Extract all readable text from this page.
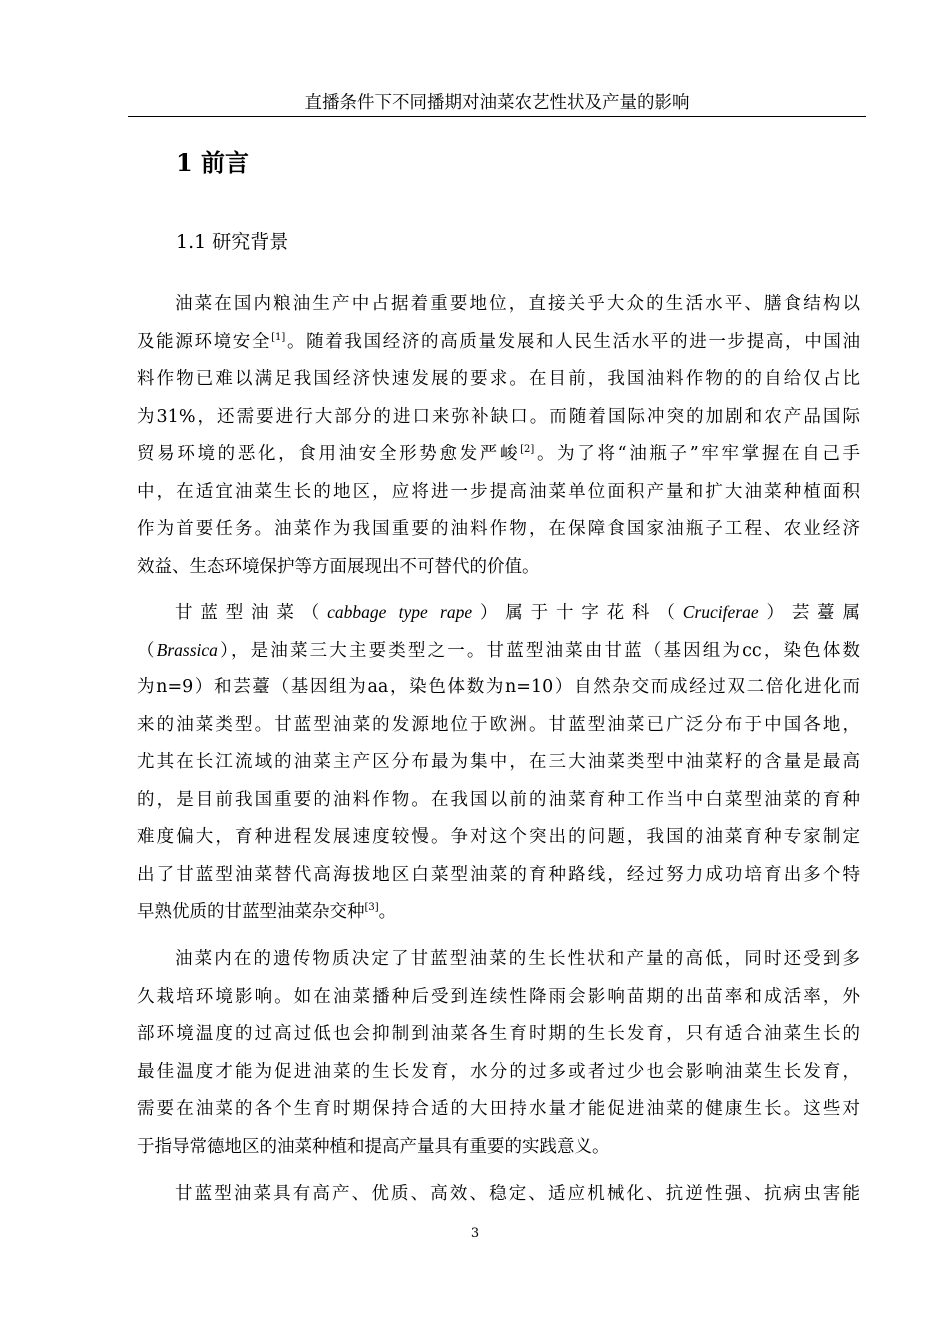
直播条件下不同播期对油菜农艺性状及产量的影响
1 前言
1.1 研究背景
油菜在国内粮油生产中占据着重要地位，直接关乎大众的生活水平、膳食结构以
及能源环境安全[1]。随着我国经济的高质量发展和人民生活水平的进一步提高，中国油
料作物已难以满足我国经济快速发展的要求。在目前，我国油料作物的的自给仅占比
为31%，还需要进行大部分的进口来弥补缺口。而随着国际冲突的加剧和农产品国际
贸易环境的恶化，食用油安全形势愈发严峻[2]。为了将“油瓶子”牢牢掌握在自己手
中，在适宜油菜生长的地区，应将进一步提高油菜单位面积产量和扩大油菜种植面积
作为首要任务。油菜作为我国重要的油料作物，在保障食国家油瓶子工程、农业经济
效益、生态环境保护等方面展现出不可替代的价值。
甘蓝型油菜（cabbage type rape）属于十字花科（Cruciferae）芸薹属
（Brassica），是油菜三大主要类型之一。甘蓝型油菜由甘蓝（基因组为cc，染色体数
为n=9）和芸薹（基因组为aa，染色体数为n=10）自然杂交而成经过双二倍化进化而
来的油菜类型。甘蓝型油菜的发源地位于欧洲。甘蓝型油菜已广泛分布于中国各地，
尤其在长江流域的油菜主产区分布最为集中，在三大油菜类型中油菜籽的含量是最高
的，是目前我国重要的油料作物。在我国以前的油菜育种工作当中白菜型油菜的育种
难度偏大，育种进程发展速度较慢。争对这个突出的问题，我国的油菜育种专家制定
出了甘蓝型油菜替代高海拔地区白菜型油菜的育种路线，经过努力成功培育出多个特
早熟优质的甘蓝型油菜杂交种[3]。
油菜内在的遗传物质决定了甘蓝型油菜的生长性状和产量的高低，同时还受到多
久栽培环境影响。如在油菜播种后受到连续性降雨会影响苗期的出苗率和成活率，外
部环境温度的过高过低也会抑制到油菜各生育时期的生长发育，只有适合油菜生长的
最佳温度才能为促进油菜的生长发育，水分的过多或者过少也会影响油菜生长发育，
需要在油菜的各个生育时期保持合适的大田持水量才能促进油菜的健康生长。这些对
于指导常德地区的油菜种植和提高产量具有重要的实践意义。
甘蓝型油菜具有高产、优质、高效、稳定、适应机械化、抗逆性强、抗病虫害能
3
